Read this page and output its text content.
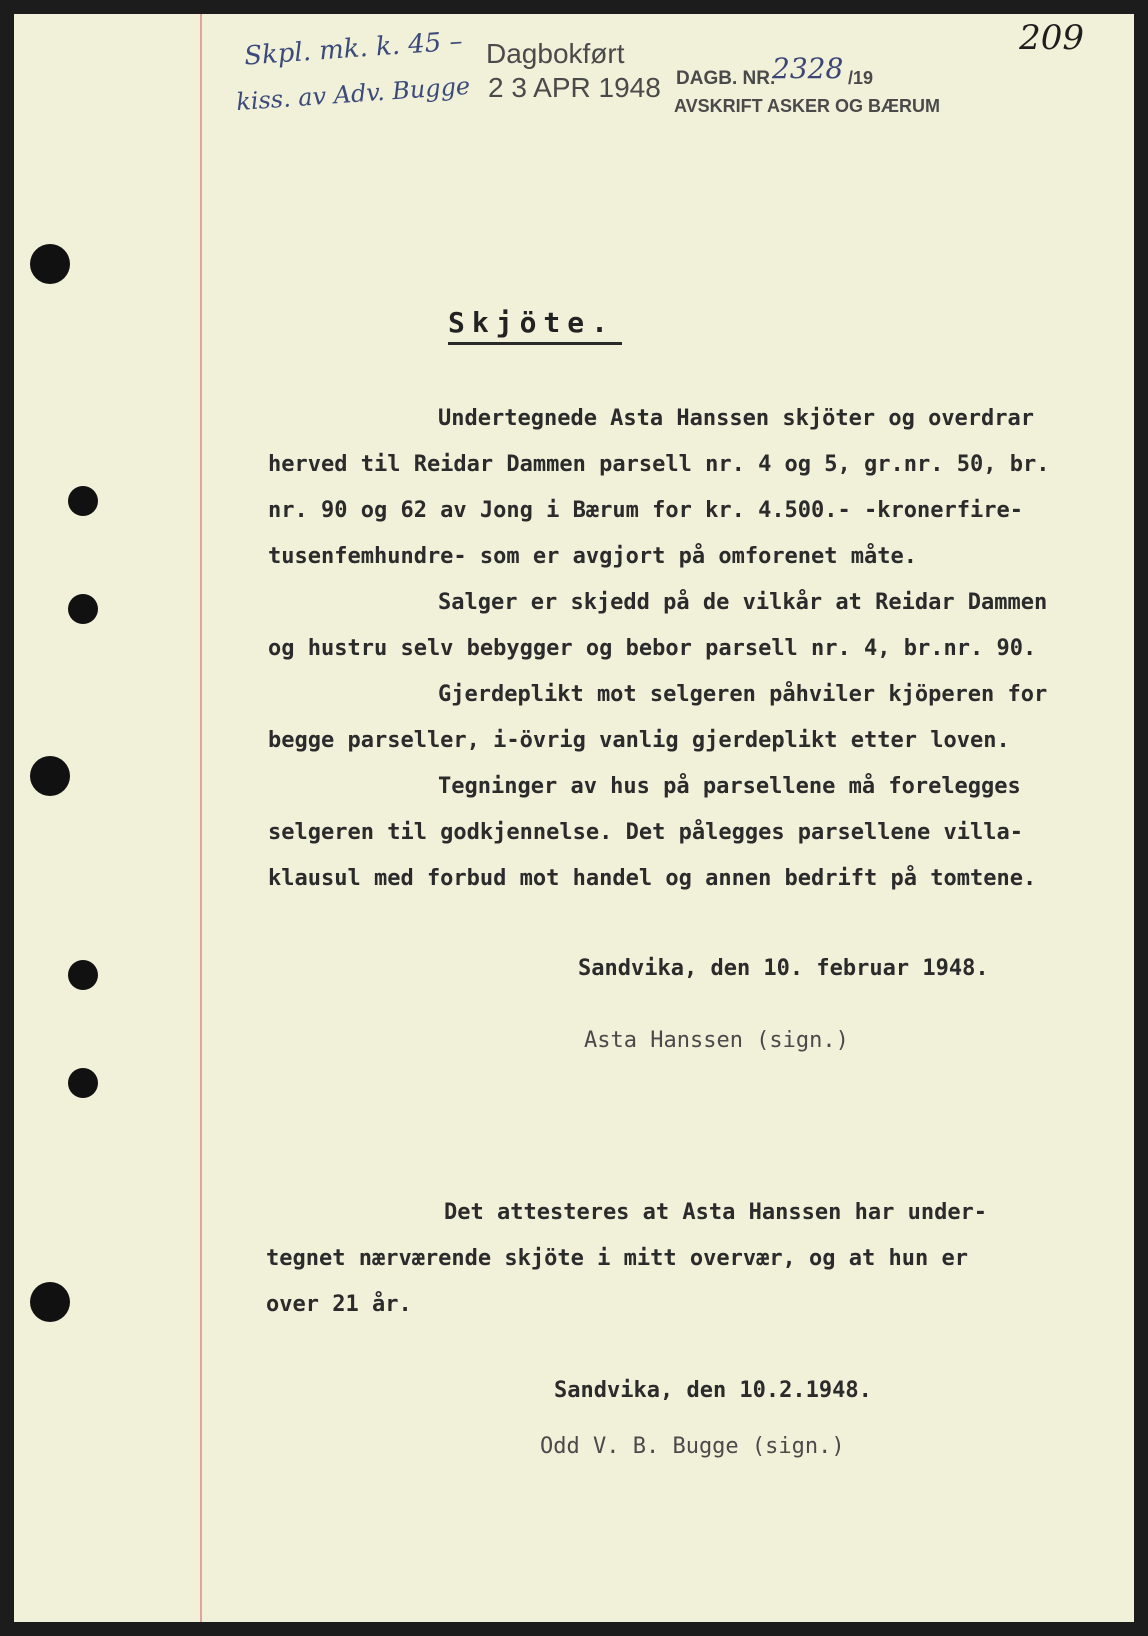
Skpl. mk. k. 45 –
kiss. av Adv. Bugge
Dagbokført
2 3 APR 1948 DAGB. NR.
2328 /19
AVSKRIFT ASKER OG BÆRUM
209
Skjöte.
Undertegnede Asta Hanssen skjöter og overdrar
herved til Reidar Dammen parsell nr. 4 og 5, gr.nr. 50, br.
nr. 90 og 62 av Jong i Bærum for kr. 4.500.- -kronerfire-
tusenfemhundre- som er avgjort på omforenet måte.
Salger er skjedd på de vilkår at Reidar Dammen
og hustru selv bebygger og bebor parsell nr. 4, br.nr. 90.
Gjerdeplikt mot selgeren påhviler kjöperen for
begge parseller, i-övrig vanlig gjerdeplikt etter loven.
Tegninger av hus på parsellene må forelegges
selgeren til godkjennelse. Det pålegges parsellene villa-
klausul med forbud mot handel og annen bedrift på tomtene.
Sandvika, den 10. februar 1948.
Asta Hanssen (sign.)
Det attesteres at Asta Hanssen har under-
tegnet nærværende skjöte i mitt overvær, og at hun er
over 21 år.
Sandvika, den 10.2.1948.
Odd V. B. Bugge (sign.)
